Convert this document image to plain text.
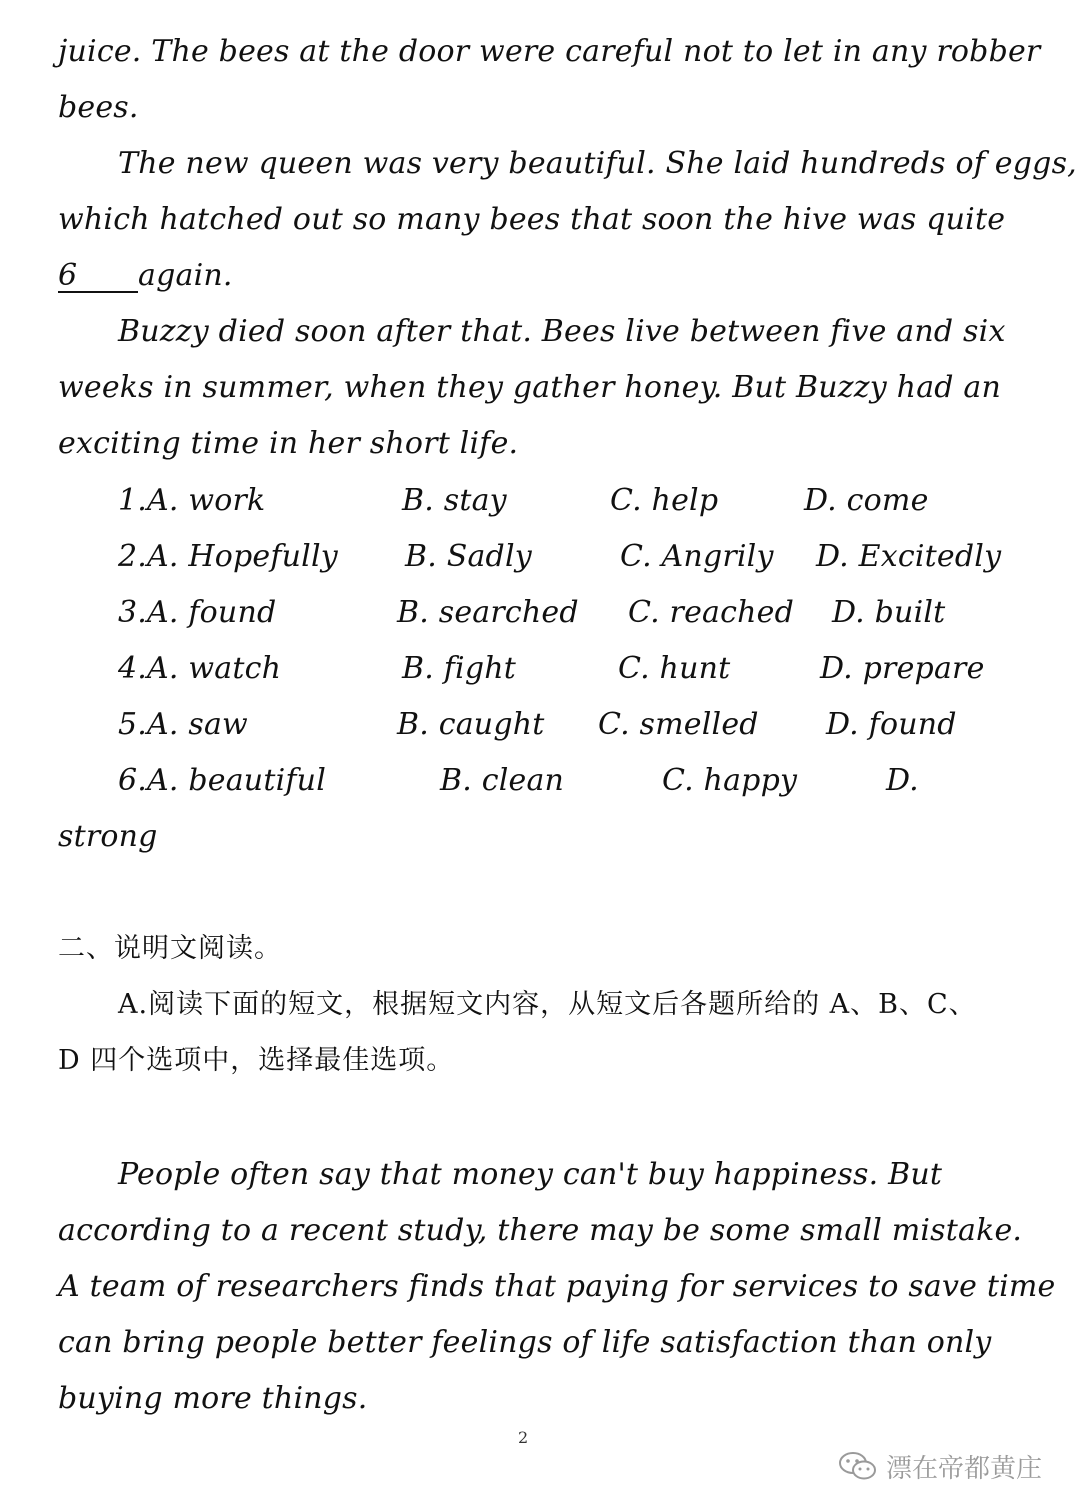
juice. The bees at the door were careful not to let in any robber
bees.
The new queen was very beautiful. She laid hundreds of eggs,
which hatched out so many bees that soon the hive was quite
6 again.
Buzzy died soon after that. Bees live between five and six
weeks in summer, when they gather honey. But Buzzy had an
exciting time in her short life.
1.A. work	B. stay	C. help	D. come
2.A. Hopefully B. Sadly	C. Angrily D. Excitedly
3.A. found	B. searched C. reached D. built
4.A. watch	B. fight	C. hunt	D. prepare
5.A. saw	B. caught C. smelled D. found
6.A. beautiful	B. clean	C. happy	D.
strong
二、说明文阅读。
A.阅读下面的短文，根据短文内容，从短文后各题所给的 A、B、C、
D 四个选项中，选择最佳选项。
People often say that money can't buy happiness. But
according to a recent study, there may be some small mistake.
A team of researchers finds that paying for services to save time
can bring people better feelings of life satisfaction than only
buying more things.
2
漂在帝都黄庄
